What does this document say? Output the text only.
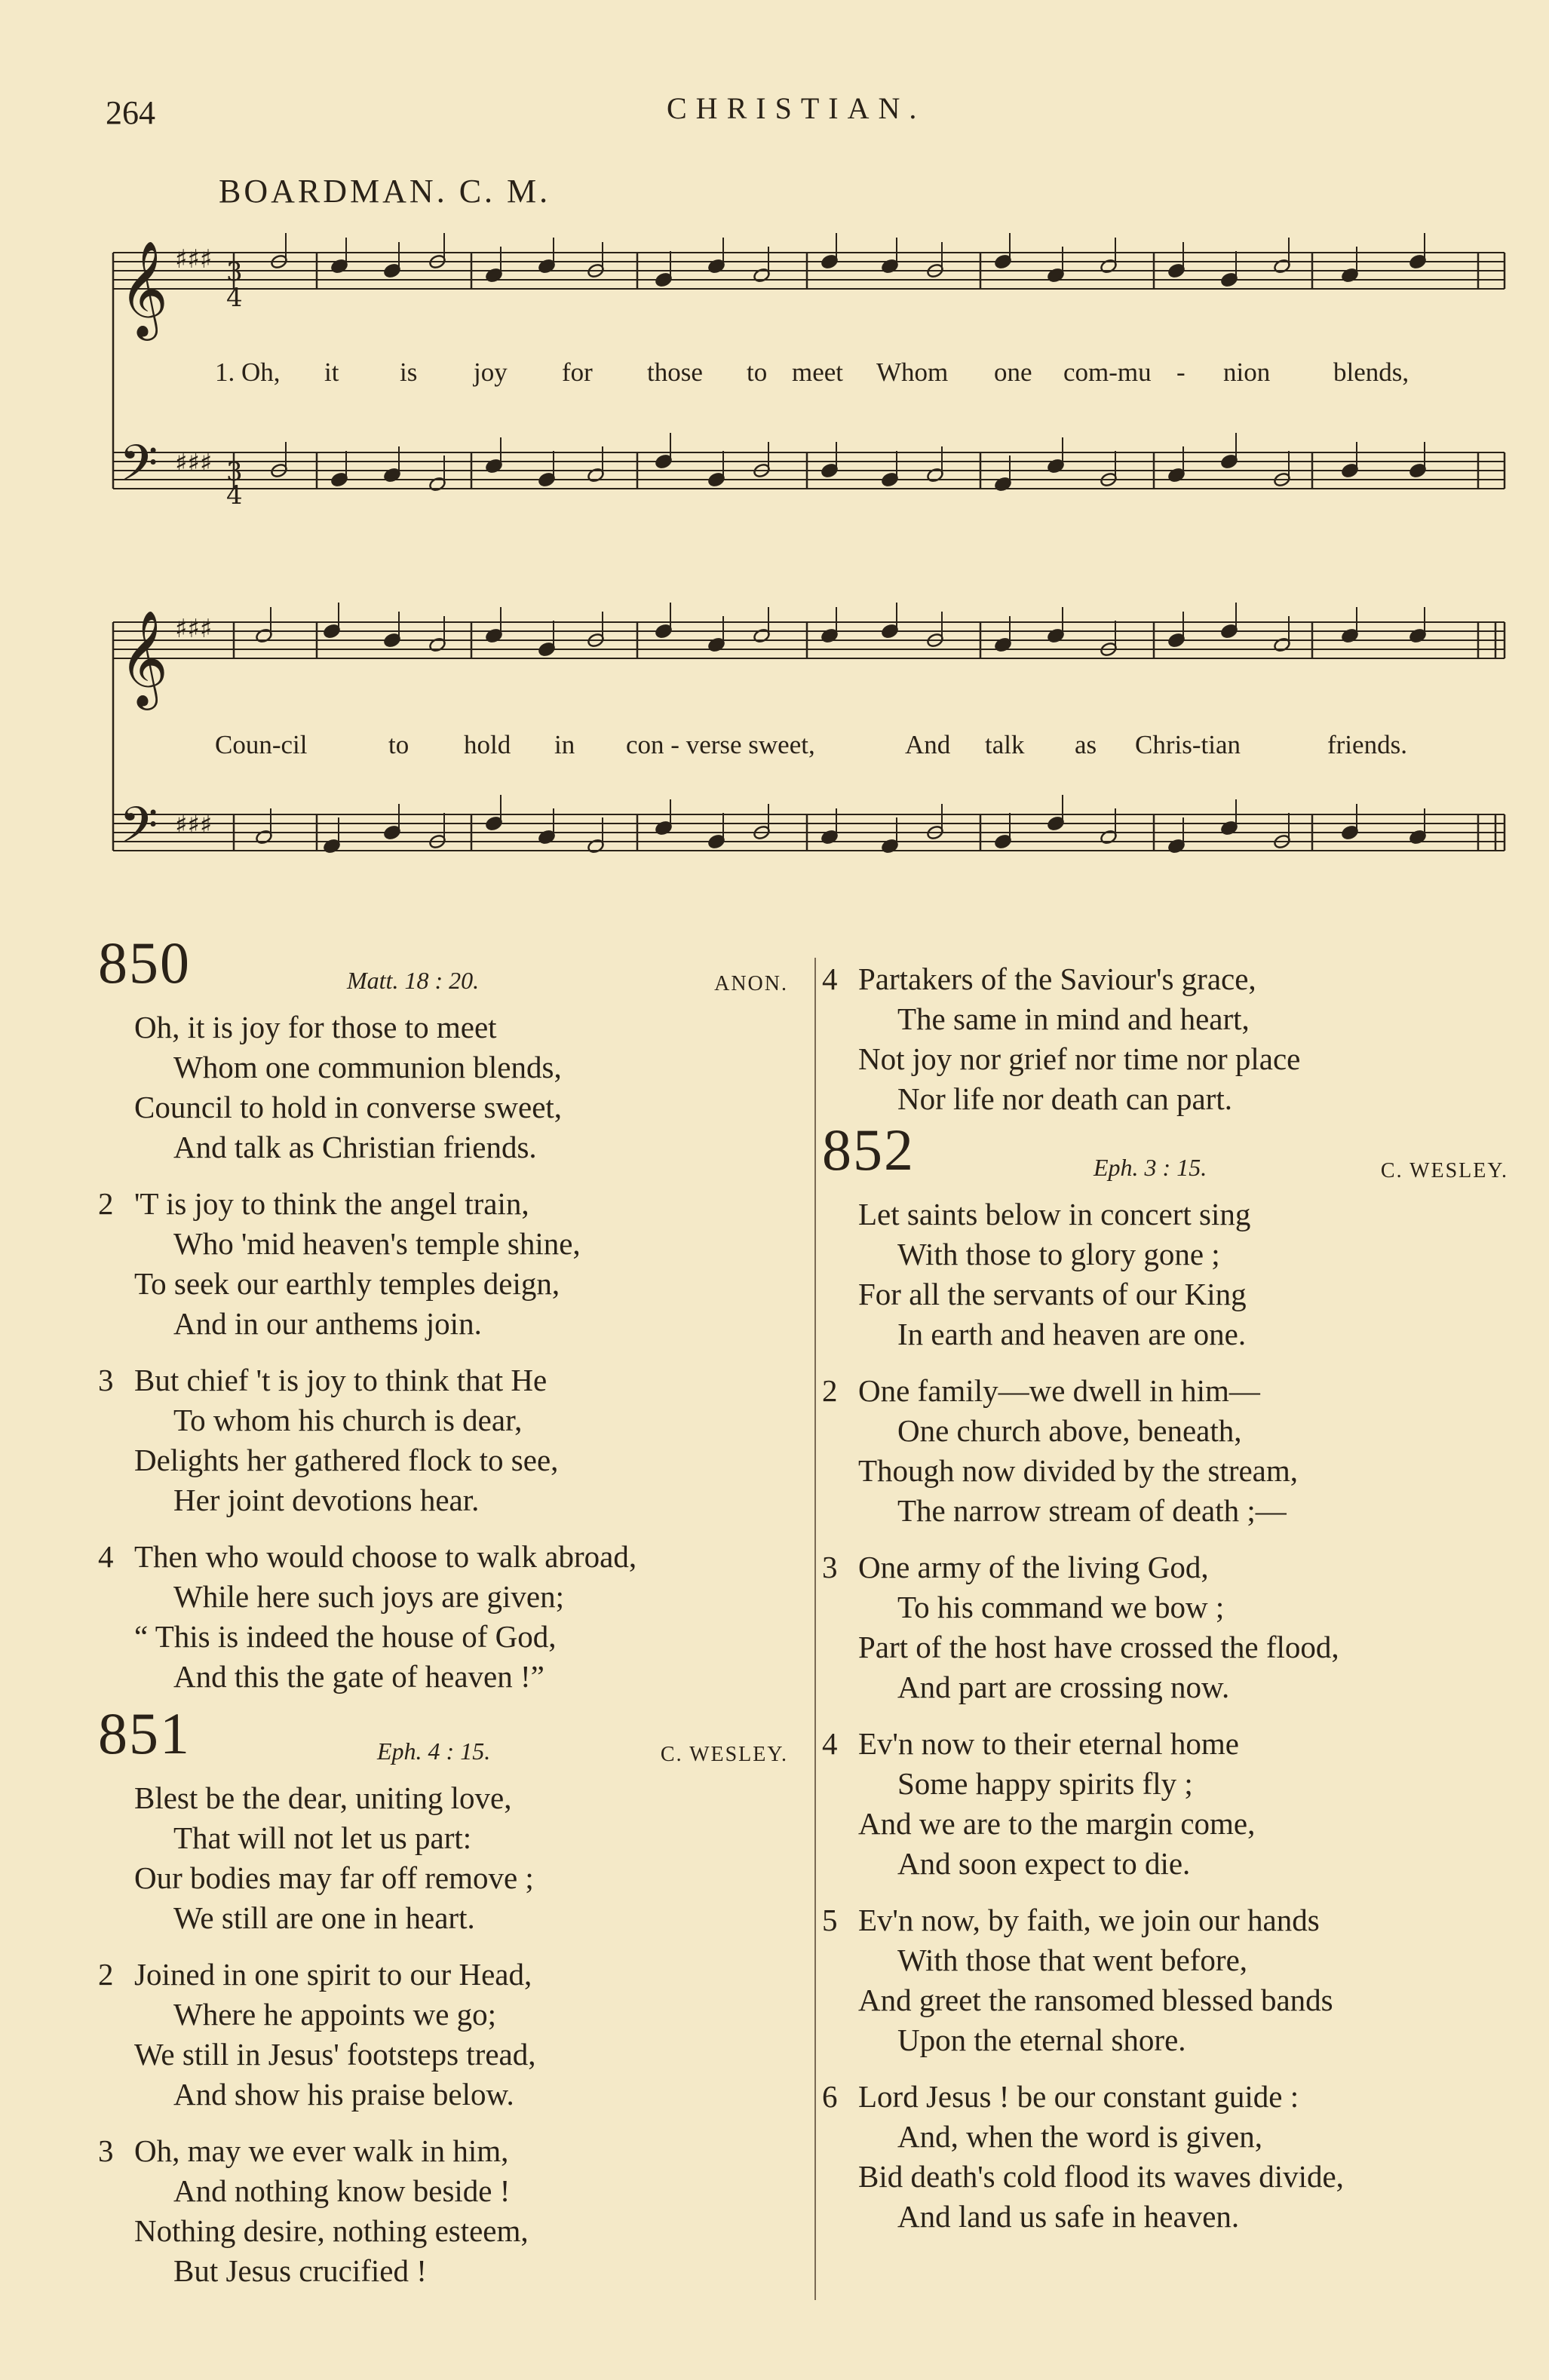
264	CHRISTIAN.
BOARDMAN. C. M.
𝄞
𝄢
♯♯♯
♯♯♯
3
4
3
4
𝄞
𝄢
♯♯♯
♯♯♯
1. Oh, it is joy for those to meet Whom one com-mu - nion blends,
Coun-cil	to hold in con - verse sweet,	And talk as Chris-tian	friends.
850	Matt. 18 : 20.	ANON.
Oh, it is joy for those to meet
Whom one communion blends,
Council to hold in converse sweet,
And talk as Christian friends.
2 'T is joy to think the angel train,
Who 'mid heaven's temple shine,
To seek our earthly temples deign,
And in our anthems join.
3 But chief 't is joy to think that He
To whom his church is dear,
Delights her gathered flock to see,
Her joint devotions hear.
4 Then who would choose to walk abroad,
While here such joys are given;
“ This is indeed the house of God,
And this the gate of heaven !”
851	Eph. 4 : 15.	C. WESLEY.
Blest be the dear, uniting love,
That will not let us part:
Our bodies may far off remove ;
We still are one in heart.
2 Joined in one spirit to our Head,
Where he appoints we go;
We still in Jesus' footsteps tread,
And show his praise below.
3 Oh, may we ever walk in him,
And nothing know beside !
Nothing desire, nothing esteem,
But Jesus crucified !
4 Partakers of the Saviour's grace,
The same in mind and heart,
Not joy nor grief nor time nor place
Nor life nor death can part.
852	Eph. 3 : 15.	C. WESLEY.
Let saints below in concert sing
With those to glory gone ;
For all the servants of our King
In earth and heaven are one.
2 One family—we dwell in him—
One church above, beneath,
Though now divided by the stream,
The narrow stream of death ;—
3 One army of the living God,
To his command we bow ;
Part of the host have crossed the flood,
And part are crossing now.
4 Ev'n now to their eternal home
Some happy spirits fly ;
And we are to the margin come,
And soon expect to die.
5 Ev'n now, by faith, we join our hands
With those that went before,
And greet the ransomed blessed bands
Upon the eternal shore.
6 Lord Jesus ! be our constant guide :
And, when the word is given,
Bid death's cold flood its waves divide,
And land us safe in heaven.
